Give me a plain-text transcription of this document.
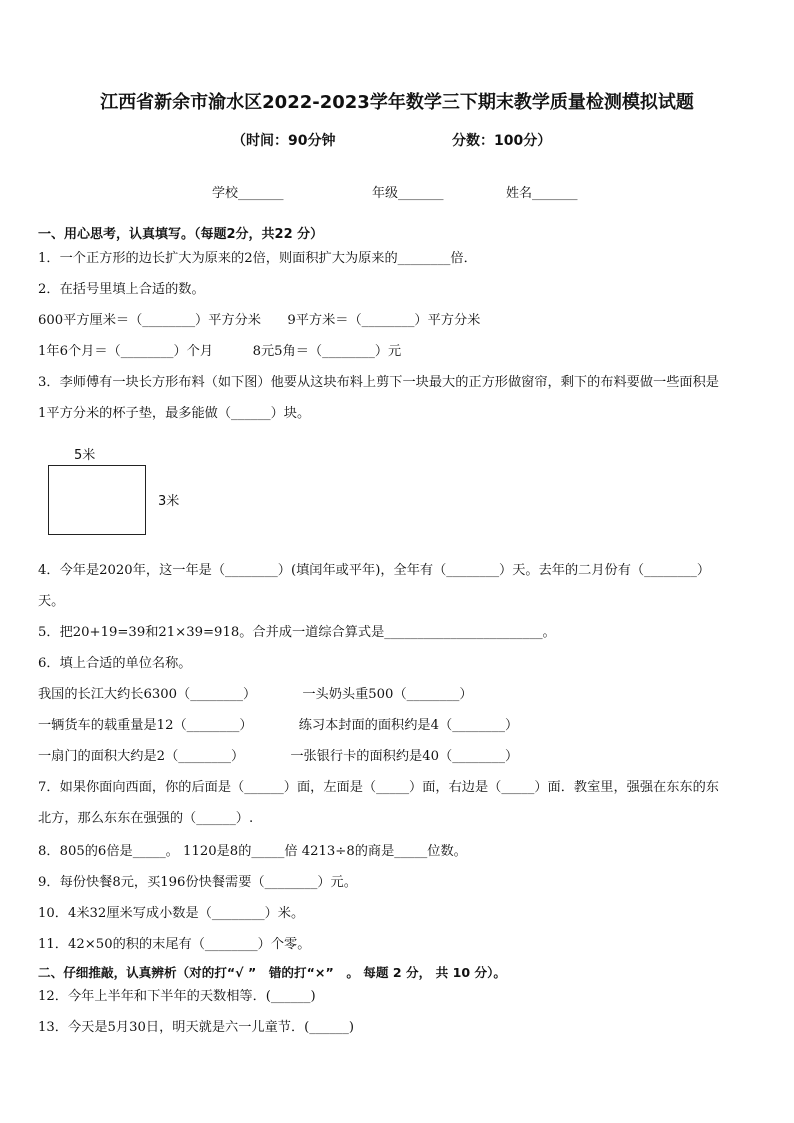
江西省新余市渝水区2022-2023学年数学三下期末教学质量检测模拟试题
（时间：90分钟	分数：100分）
学校_______	年级_______	姓名_______
一、用心思考，认真填写。（每题2分，共22 分）
1．一个正方形的边长扩大为原来的2倍，则面积扩大为原来的________倍．
2．在括号里填上合适的数。
600平方厘米＝（________）平方分米　　9平方米＝（________）平方分米
1年6个月＝（________）个月　　　8元5角＝（________）元
3．李师傅有一块长方形布料（如下图）他要从这块布料上剪下一块最大的正方形做窗帘，剩下的布料要做一些面积是
1平方分米的杯子垫，最多能做（______）块。
5米
3米
4．今年是2020年，这一年是（________）(填闰年或平年)，全年有（________）天。去年的二月份有（________）
天。
5．把20+19=39和21×39=918。合并成一道综合算式是________________________。
6．填上合适的单位名称。
我国的长江大约长6300（________）　　　　一头奶头重500（________）
一辆货车的载重量是12（________）　　　　练习本封面的面积约是4（________）
一扇门的面积大约是2（________）　　　　一张银行卡的面积约是40（________）
7．如果你面向西面，你的后面是（______）面，左面是（_____）面，右边是（_____）面．教室里，强强在东东的东
北方，那么东东在强强的（______）.
8．805的6倍是_____。 1120是8的_____倍 4213÷8的商是_____位数。
9．每份快餐8元，买196份快餐需要（________）元。
10．4米32厘米写成小数是（________）米。
11．42×50的积的末尾有（________）个零。
二、仔细推敲，认真辨析（对的打“√ ”　错的打“×”　。 每题 2 分， 共 10 分）。
12．今年上半年和下半年的天数相等．(______)
13．今天是5月30日，明天就是六一儿童节．(______)
